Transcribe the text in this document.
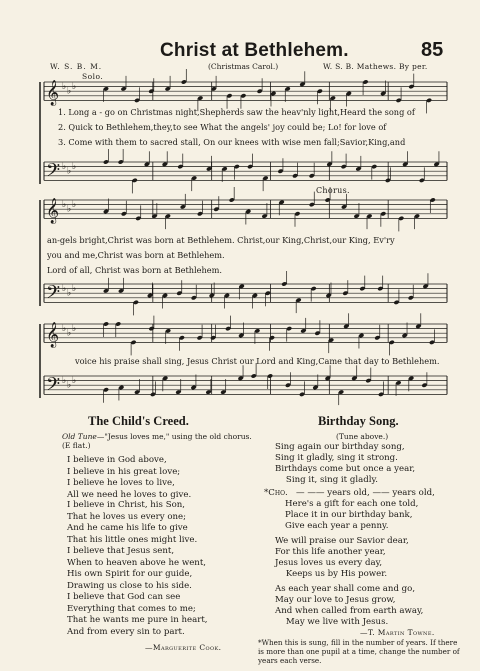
Christ at Bethlehem.	85
W. S. B. M.	(Christmas Carol.)	W. S. B. Mathews. By per.
Solo.
𝄞 ♭ ♭ ♭
𝄢 ♭ ♭ ♭
𝄞 ♭ ♭ ♭
𝄢 ♭ ♭ ♭
𝄞 ♭ ♭ ♭
𝄢 ♭ ♭ ♭
1. Long a - go on Christmas night,Shepherds saw the heav'nly light,Heard the song of
2. Quick to Bethlehem,they,to see What the angels' joy could be; Lo! for love of
3. Come with them to sacred stall, On our knees with wise men fall;Savior,King,and
Chorus.
an-gels bright,Christ was born at Bethlehem. Christ,our King,Christ,our King, Ev'ry
you and me,Christ was born at Bethlehem.
Lord of all, Christ was born at Bethlehem.
voice his praise shall sing, Jesus Christ our Lord and King,Came that day to Bethlehem.
The Child's Creed.
Old Tune—"Jesus loves me," using the old chorus. (E flat.)
I believe in God above,
I believe in his great love;
I believe he loves to live,
All we need he loves to give.
I believe in Christ, his Son,
That he loves us every one;
And he came his life to give
That his little ones might live.
I believe that Jesus sent,
When to heaven above he went,
His own Spirit for our guide,
Drawing us close to his side.
I believe that God can see
Everything that comes to me;
That he wants me pure in heart,
And from every sin to part.
—Marguerite Cook.
Birthday Song.
(Tune above.)
Sing again our birthday song,
Sing it gladly, sing it strong.
Birthdays come but once a year,
Sing it, sing it gladly.
*Cho. — —— years old, —— years old,
Here's a gift for each one told,
Place it in our birthday bank,
Give each year a penny.
We will praise our Savior dear,
For this life another year,
Jesus loves us every day,
Keeps us by His power.
As each year shall come and go,
May our love to Jesus grow,
And when called from earth away,
May we live with Jesus.
—T. Martin Towne.
*When this is sung, fill in the number of years. If there is more than one pupil at a time, change the number of years each verse.
